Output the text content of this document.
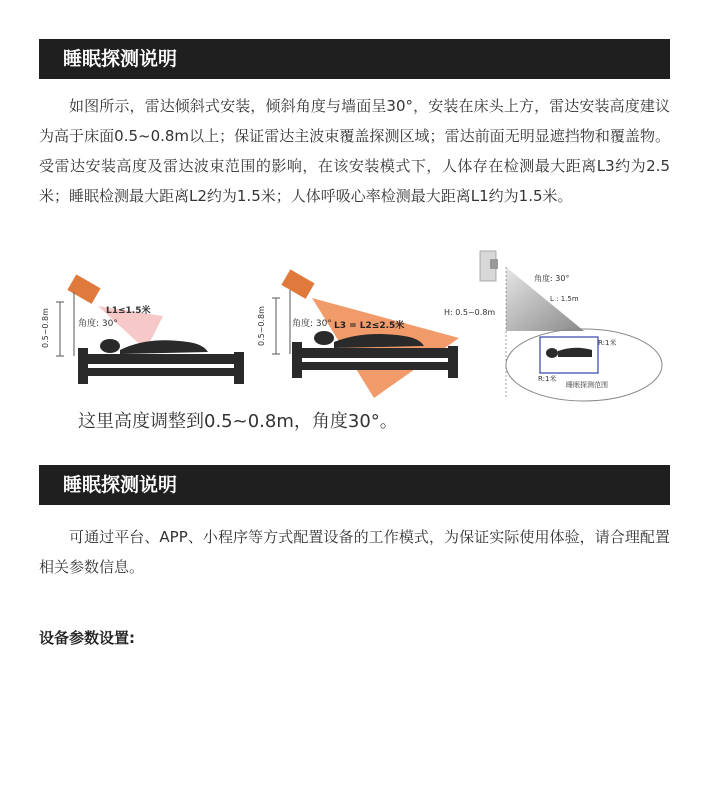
睡眠探测说明

如图所示，雷达倾斜式安装，倾斜角度与墙面呈30°，安装在床头上方，雷达安装高度建议为高于床面0.5~0.8m以上；保证雷达主波束覆盖探测区域；雷达前面无明显遮挡物和覆盖物。受雷达安装高度及雷达波束范围的影响，在该安装模式下，人体存在检测最大距离L3约为2.5米；睡眠检测最大距离L2约为1.5米；人体呼吸心率检测最大距离L1约为1.5米。

0.5~0.8m	角度: 30°
L1≤1.5米	0.5~0.8m	角度: 30° L3 = L2≤2.5米
角度: 30°
L : 1.5m
H: 0.5~0.8m
R:1米
R:1米
睡眠探测范围
这里高度调整到0.5~0.8m，角度30°。
睡眠探测说明

可通过平台、APP、小程序等方式配置设备的工作模式，为保证实际使用体验，请合理配置相关参数信息。

设备参数设置:
